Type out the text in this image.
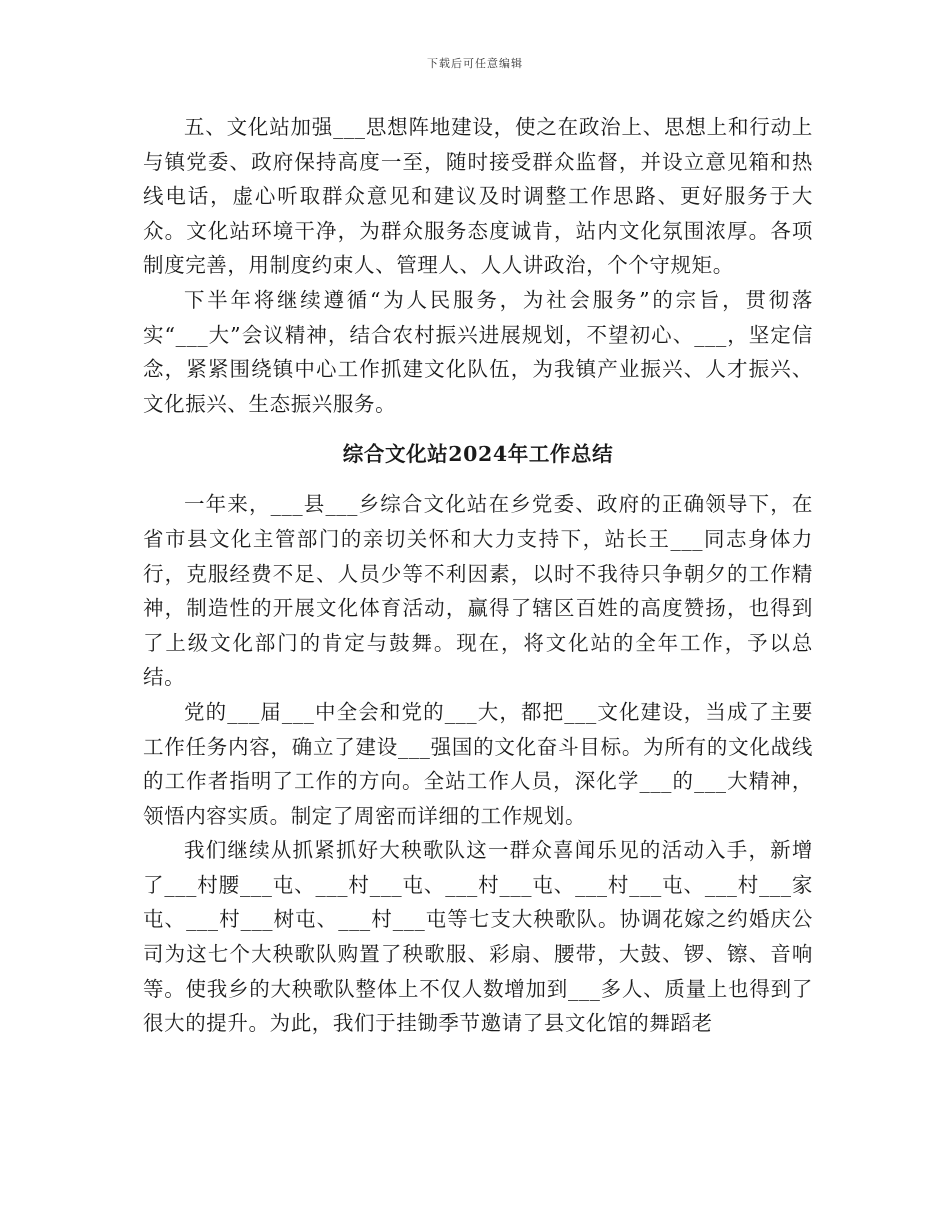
下载后可任意编辑

五、文化站加强___思想阵地建设，使之在政治上、思想上和行动上与镇党委、政府保持高度一至，随时接受群众监督，并设立意见箱和热线电话，虚心听取群众意见和建议及时调整工作思路、更好服务于大众。文化站环境干净，为群众服务态度诚肯，站内文化氛围浓厚。各项制度完善，用制度约束人、管理人、人人讲政治，个个守规矩。

下半年将继续遵循“为人民服务，为社会服务”的宗旨，贯彻落实“___大”会议精神，结合农村振兴进展规划，不望初心、___，坚定信念，紧紧围绕镇中心工作抓建文化队伍，为我镇产业振兴、人才振兴、文化振兴、生态振兴服务。

综合文化站2024年工作总结

一年来，___县___乡综合文化站在乡党委、政府的正确领导下，在省市县文化主管部门的亲切关怀和大力支持下，站长王___同志身体力行，克服经费不足、人员少等不利因素，以时不我待只争朝夕的工作精神，制造性的开展文化体育活动，赢得了辖区百姓的高度赞扬，也得到了上级文化部门的肯定与鼓舞。现在，将文化站的全年工作，予以总结。

党的___届___中全会和党的___大，都把___文化建设，当成了主要工作任务内容，确立了建设___强国的文化奋斗目标。为所有的文化战线的工作者指明了工作的方向。全站工作人员，深化学___的___大精神，领悟内容实质。制定了周密而详细的工作规划。

我们继续从抓紧抓好大秧歌队这一群众喜闻乐见的活动入手，新增了___村腰___屯、___村___屯、___村___屯、___村___屯、___村___家屯、___村___树屯、___村___屯等七支大秧歌队。协调花嫁之约婚庆公司为这七个大秧歌队购置了秧歌服、彩扇、腰带，大鼓、锣、镲、音响等。使我乡的大秧歌队整体上不仅人数增加到___多人、质量上也得到了很大的提升。为此，我们于挂锄季节邀请了县文化馆的舞蹈老
